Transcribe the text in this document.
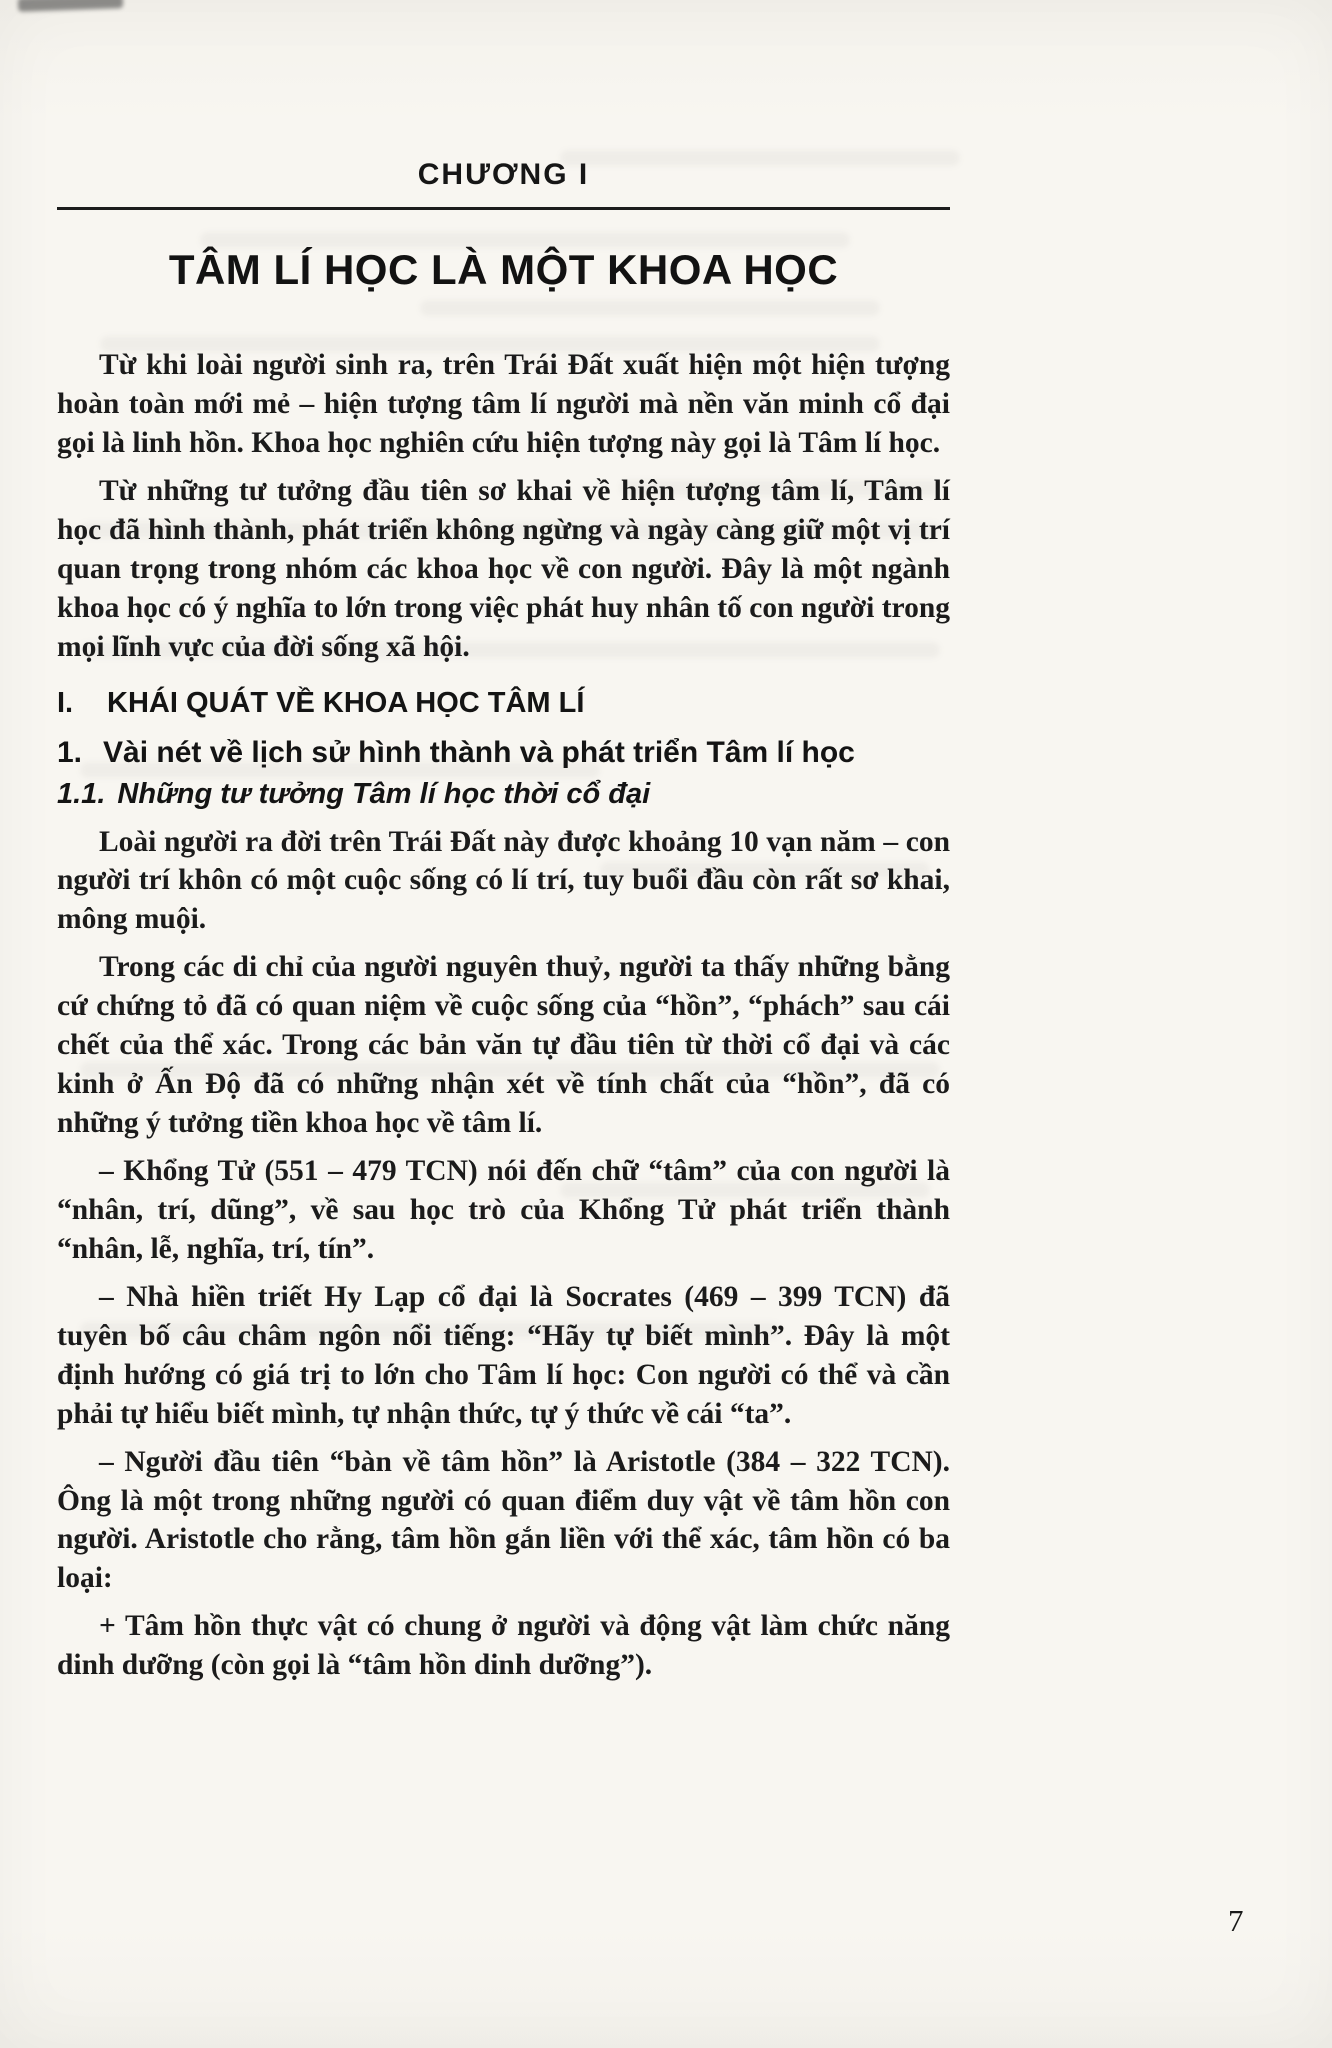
CHƯƠNG I
TÂM LÍ HỌC LÀ MỘT KHOA HỌC

Từ khi loài người sinh ra, trên Trái Đất xuất hiện một hiện tượng hoàn toàn mới mẻ – hiện tượng tâm lí người mà nền văn minh cổ đại gọi là linh hồn. Khoa học nghiên cứu hiện tượng này gọi là Tâm lí học.

Từ những tư tưởng đầu tiên sơ khai về hiện tượng tâm lí, Tâm lí học đã hình thành, phát triển không ngừng và ngày càng giữ một vị trí quan trọng trong nhóm các khoa học về con người. Đây là một ngành khoa học có ý nghĩa to lớn trong việc phát huy nhân tố con người trong mọi lĩnh vực của đời sống xã hội.

I. KHÁI QUÁT VỀ KHOA HỌC TÂM LÍ
1. Vài nét về lịch sử hình thành và phát triển Tâm lí học
1.1. Những tư tưởng Tâm lí học thời cổ đại

Loài người ra đời trên Trái Đất này được khoảng 10 vạn năm – con người trí khôn có một cuộc sống có lí trí, tuy buổi đầu còn rất sơ khai, mông muội.

Trong các di chỉ của người nguyên thuỷ, người ta thấy những bằng cứ chứng tỏ đã có quan niệm về cuộc sống của “hồn”, “phách” sau cái chết của thể xác. Trong các bản văn tự đầu tiên từ thời cổ đại và các kinh ở Ấn Độ đã có những nhận xét về tính chất của “hồn”, đã có những ý tưởng tiền khoa học về tâm lí.

– Khổng Tử (551 – 479 TCN) nói đến chữ “tâm” của con người là “nhân, trí, dũng”, về sau học trò của Khổng Tử phát triển thành “nhân, lễ, nghĩa, trí, tín”.

– Nhà hiền triết Hy Lạp cổ đại là Socrates (469 – 399 TCN) đã tuyên bố câu châm ngôn nổi tiếng: “Hãy tự biết mình”. Đây là một định hướng có giá trị to lớn cho Tâm lí học: Con người có thể và cần phải tự hiểu biết mình, tự nhận thức, tự ý thức về cái “ta”.

– Người đầu tiên “bàn về tâm hồn” là Aristotle (384 – 322 TCN). Ông là một trong những người có quan điểm duy vật về tâm hồn con người. Aristotle cho rằng, tâm hồn gắn liền với thể xác, tâm hồn có ba loại:

+ Tâm hồn thực vật có chung ở người và động vật làm chức năng dinh dưỡng (còn gọi là “tâm hồn dinh dưỡng”).

7
